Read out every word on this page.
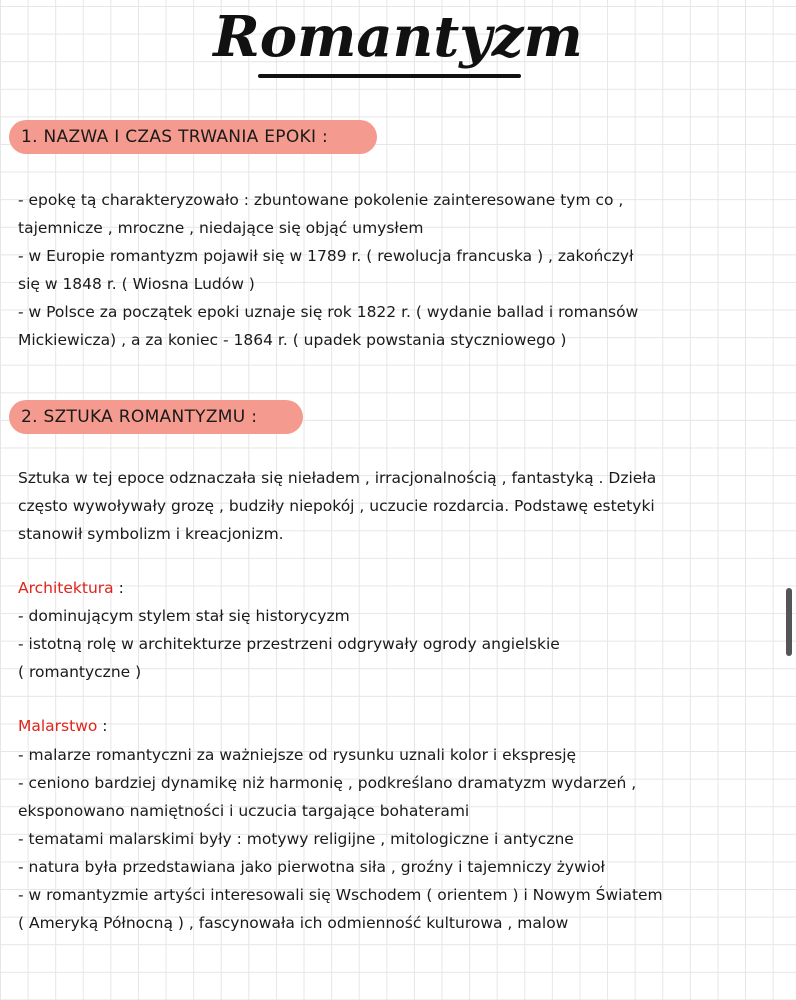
Romantyzm
1. NAZWA I CZAS TRWANIA EPOKI :

- epokę tą charakteryzowało : zbuntowane pokolenie zainteresowane tym co ,

tajemnicze , mroczne , niedające się objąć umysłem

- w Europie romantyzm pojawił się w 1789 r. ( rewolucja francuska ) , zakończył

się w 1848 r. ( Wiosna Ludów )

- w Polsce za początek epoki uznaje się rok 1822 r. ( wydanie ballad i romansów

Mickiewicza) , a za koniec - 1864 r. ( upadek powstania styczniowego )

2. SZTUKA ROMANTYZMU :

Sztuka w tej epoce odznaczała się nieładem , irracjonalnością , fantastyką . Dzieła

często wywoływały grozę , budziły niepokój , uczucie rozdarcia. Podstawę estetyki

stanowił symbolizm i kreacjonizm.

Architektura :

- dominującym stylem stał się historycyzm

- istotną rolę w architekturze przestrzeni odgrywały ogrody angielskie

( romantyczne )

Malarstwo :

- malarze romantyczni za ważniejsze od rysunku uznali kolor i ekspresję

- ceniono bardziej dynamikę niż harmonię , podkreślano dramatyzm wydarzeń ,

eksponowano namiętności i uczucia targające bohaterami

- tematami malarskimi były : motywy religijne , mitologiczne i antyczne

- natura była przedstawiana jako pierwotna siła , groźny i tajemniczy żywioł

- w romantyzmie artyści interesowali się Wschodem ( orientem ) i Nowym Światem

( Ameryką Północną ) , fascynowała ich odmienność kulturowa , malow
